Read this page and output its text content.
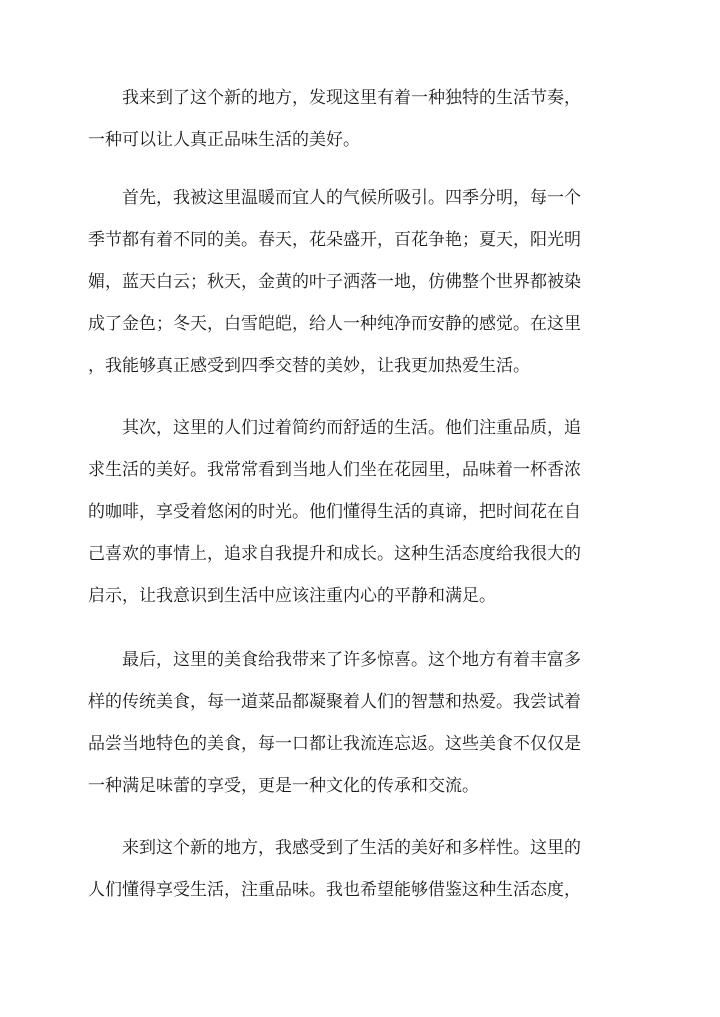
我来到了这个新的地方，发现这里有着一种独特的生活节奏，
一种可以让人真正品味生活的美好。
首先，我被这里温暖而宜人的气候所吸引。四季分明，每一个
季节都有着不同的美。春天，花朵盛开，百花争艳；夏天，阳光明
媚，蓝天白云；秋天，金黄的叶子洒落一地，仿佛整个世界都被染
成了金色；冬天，白雪皑皑，给人一种纯净而安静的感觉。在这里
，我能够真正感受到四季交替的美妙，让我更加热爱生活。
其次，这里的人们过着简约而舒适的生活。他们注重品质，追
求生活的美好。我常常看到当地人们坐在花园里，品味着一杯香浓
的咖啡，享受着悠闲的时光。他们懂得生活的真谛，把时间花在自
己喜欢的事情上，追求自我提升和成长。这种生活态度给我很大的
启示，让我意识到生活中应该注重内心的平静和满足。
最后，这里的美食给我带来了许多惊喜。这个地方有着丰富多
样的传统美食，每一道菜品都凝聚着人们的智慧和热爱。我尝试着
品尝当地特色的美食，每一口都让我流连忘返。这些美食不仅仅是
一种满足味蕾的享受，更是一种文化的传承和交流。
来到这个新的地方，我感受到了生活的美好和多样性。这里的
人们懂得享受生活，注重品味。我也希望能够借鉴这种生活态度，
